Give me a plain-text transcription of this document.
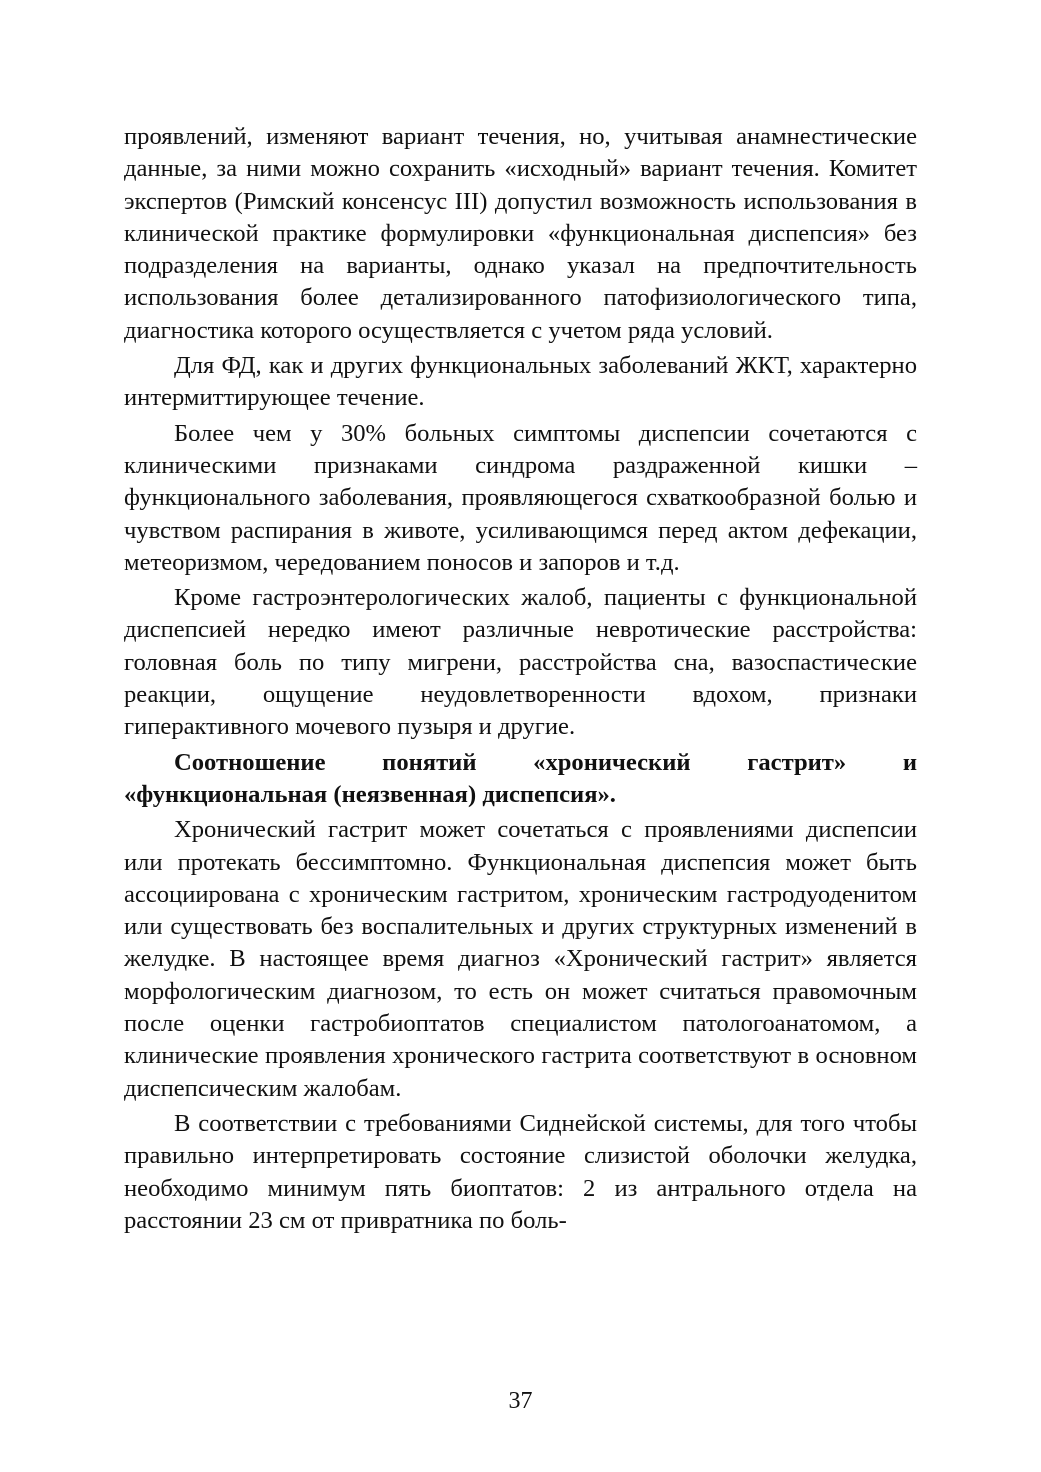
проявлений, изменяют вариант течения, но, учитывая анамнестические данные, за ними можно сохранить «исходный» вариант течения. Комитет экспертов (Римский консенсус III) допустил возможность использования в клинической практике формулировки «функциональная диспепсия» без подразделения на варианты, однако указал на предпочтительность использования более детализированного патофизиологического типа, диагностика которого осуществляется с учетом ряда условий.

Для ФД, как и других функциональных заболеваний ЖКТ, характерно интермиттирующее течение.

Более чем у 30% больных симптомы диспепсии сочетаются с клиническими признаками синдрома раздраженной кишки – функционального заболевания, проявляющегося схваткообразной болью и чувством распирания в животе, усиливающимся перед актом дефекации, метеоризмом, чередованием поносов и запоров и т.д.

Кроме гастроэнтерологических жалоб, пациенты с функциональной диспепсией нередко имеют различные невротические расстройства: головная боль по типу мигрени, расстройства сна, вазоспастические реакции, ощущение неудовлетворенности вдохом, признаки гиперактивного мочевого пузыря и другие.

Соотношение понятий «хронический гастрит» и «функциональная (неязвенная) диспепсия».

Хронический гастрит может сочетаться с проявлениями диспепсии или протекать бессимптомно. Функциональная диспепсия может быть ассоциирована с хроническим гастритом, хроническим гастродуоденитом или существовать без воспалительных и других структурных изменений в желудке. В настоящее время диагноз «Хронический гастрит» является морфологическим диагнозом, то есть он может считаться правомочным после оценки гастробиоптатов специалистом патологоанатомом, а клинические проявления хронического гастрита соответствуют в основном диспепсическим жалобам.

В соответствии с требованиями Сиднейской системы, для того чтобы правильно интерпретировать состояние слизистой оболочки желудка, необходимо минимум пять биоптатов: 2 из антрального отдела на расстоянии 23 см от привратника по боль-

37
